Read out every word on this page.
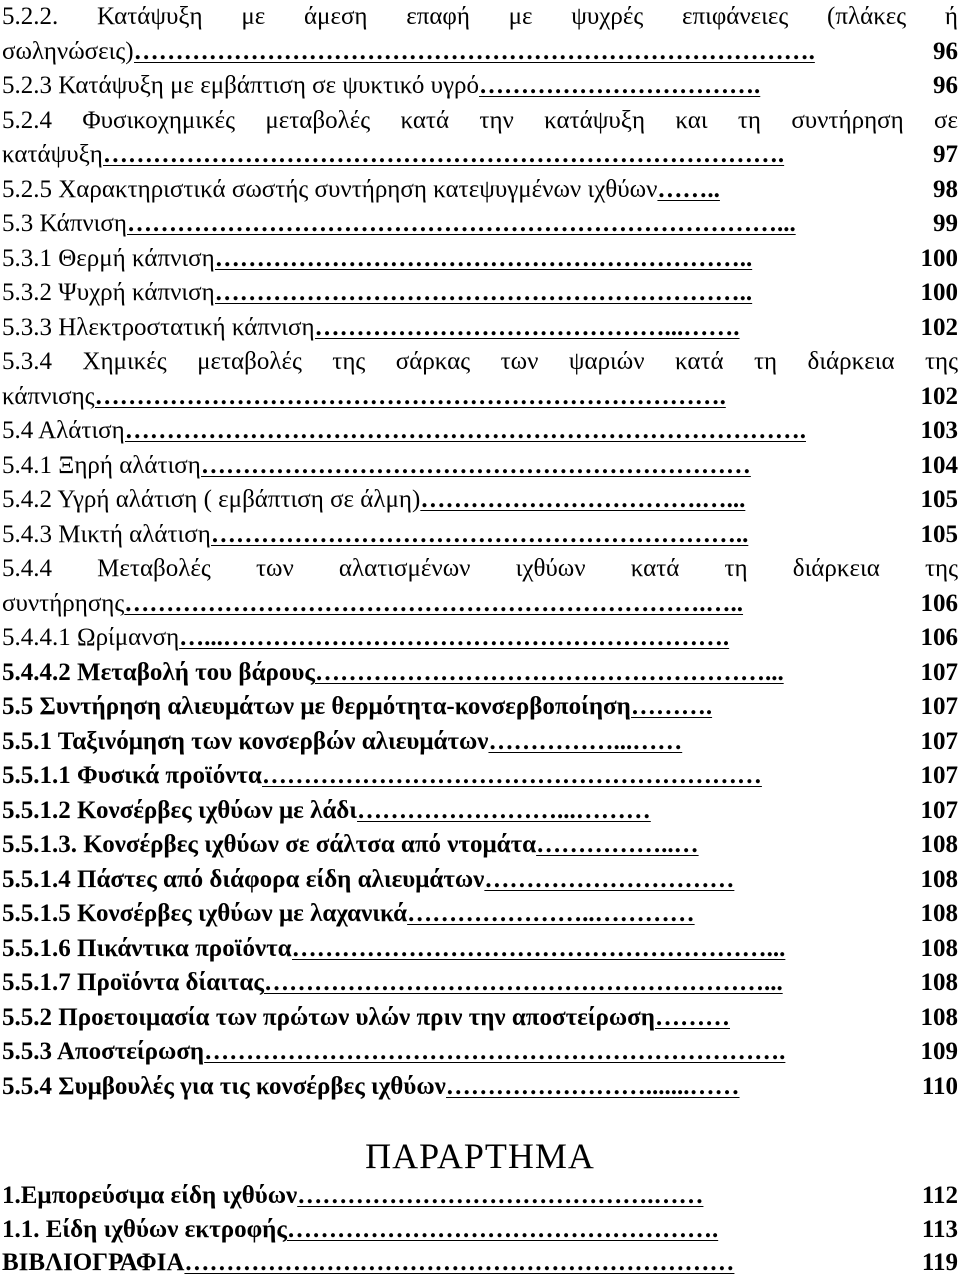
5.2.2. Κατάψυξη με άμεση επαφή με ψυχρές επιφάνειες (πλάκες ή
σωληνώσεις) ……………………………………………………………………….	96
5.2.3 Κατάψυξη με εμβάπτιση σε ψυκτικό υγρό …………………………….	96
5.2.4 Φυσικοχημικές μεταβολές κατά την κατάψυξη και τη συντήρηση σε
κατάψυξη ……………………………………………………………………….	97
5.2.5 Χαρακτηριστικά σωστής συντήρηση κατεψυγμένων ιχθύων ……..	98
5.3 Κάπνιση ……………………………………………………………………...	99
5.3.1 Θερμή κάπνιση ………………………………………………………..	100
5.3.2 Ψυχρή κάπνιση ………………………………………………………..	100
5.3.3 Ηλεκτροστατική κάπνιση ……………………………………...…….	102
5.3.4 Χημικές μεταβολές της σάρκας των ψαριών κατά τη διάρκεια της
κάπνισης ………………………………………………………………….	102
5.4 Αλάτιση ……………………………………………………………………….	103
5.4.1 Ξηρή αλάτιση …………………………………………………………	104
5.4.2 Υγρή αλάτιση ( εμβάπτιση σε άλμη) …………………………….…...	105
5.4.3 Μικτή αλάτιση ………………………………………………………..	105
5.4.4 Μεταβολές των αλατισμένων ιχθύων κατά τη διάρκεια της
συντήρησης …………………………………………………………….…..	106
5.4.4.1 Ωρίμανση …...…………………………………………………….	106
5.4.4.2 Μεταβολή του βάρους ………………………………………………...	107
5.5 Συντήρηση αλιευμάτων με θερμότητα-κονσερβοποίηση ……….	107
5.5.1 Ταξινόμηση των κονσερβών αλιευμάτων ……………...……	107
5.5.1.1 Φυσικά προϊόντα ……………………………………………………	107
5.5.1.2 Κονσέρβες ιχθύων με λάδι ……………………...………	107
5.5.1.3. Κονσέρβες ιχθύων σε σάλτσα από ντομάτα ……………..…	108
5.5.1.4 Πάστες από διάφορα είδη αλιευμάτων …………………………	108
5.5.1.5 Κονσέρβες ιχθύων με λαχανικά …………………..…………	108
5.5.1.6 Πικάντικα προϊόντα …………………………………………………...	108
5.5.1.7 Προϊόντα δίαιτας ……………………………………………………...	108
5.5.2 Προετοιμασία των πρώτων υλών πριν την αποστείρωση ………	108
5.5.3 Αποστείρωση …………………………………………………………….	109
5.5.4 Συμβουλές για τις κονσέρβες ιχθύων …………………….......……	110
ΠΑΡΑΡΤΗΜΑ
1.Εμπορεύσιμα είδη ιχθύων …………………………………….……	112
1.1. Είδη ιχθύων εκτροφής …………………………………………….	113
ΒΙΒΛΙΟΓΡΑΦΙΑ …………………………………………………………	119
